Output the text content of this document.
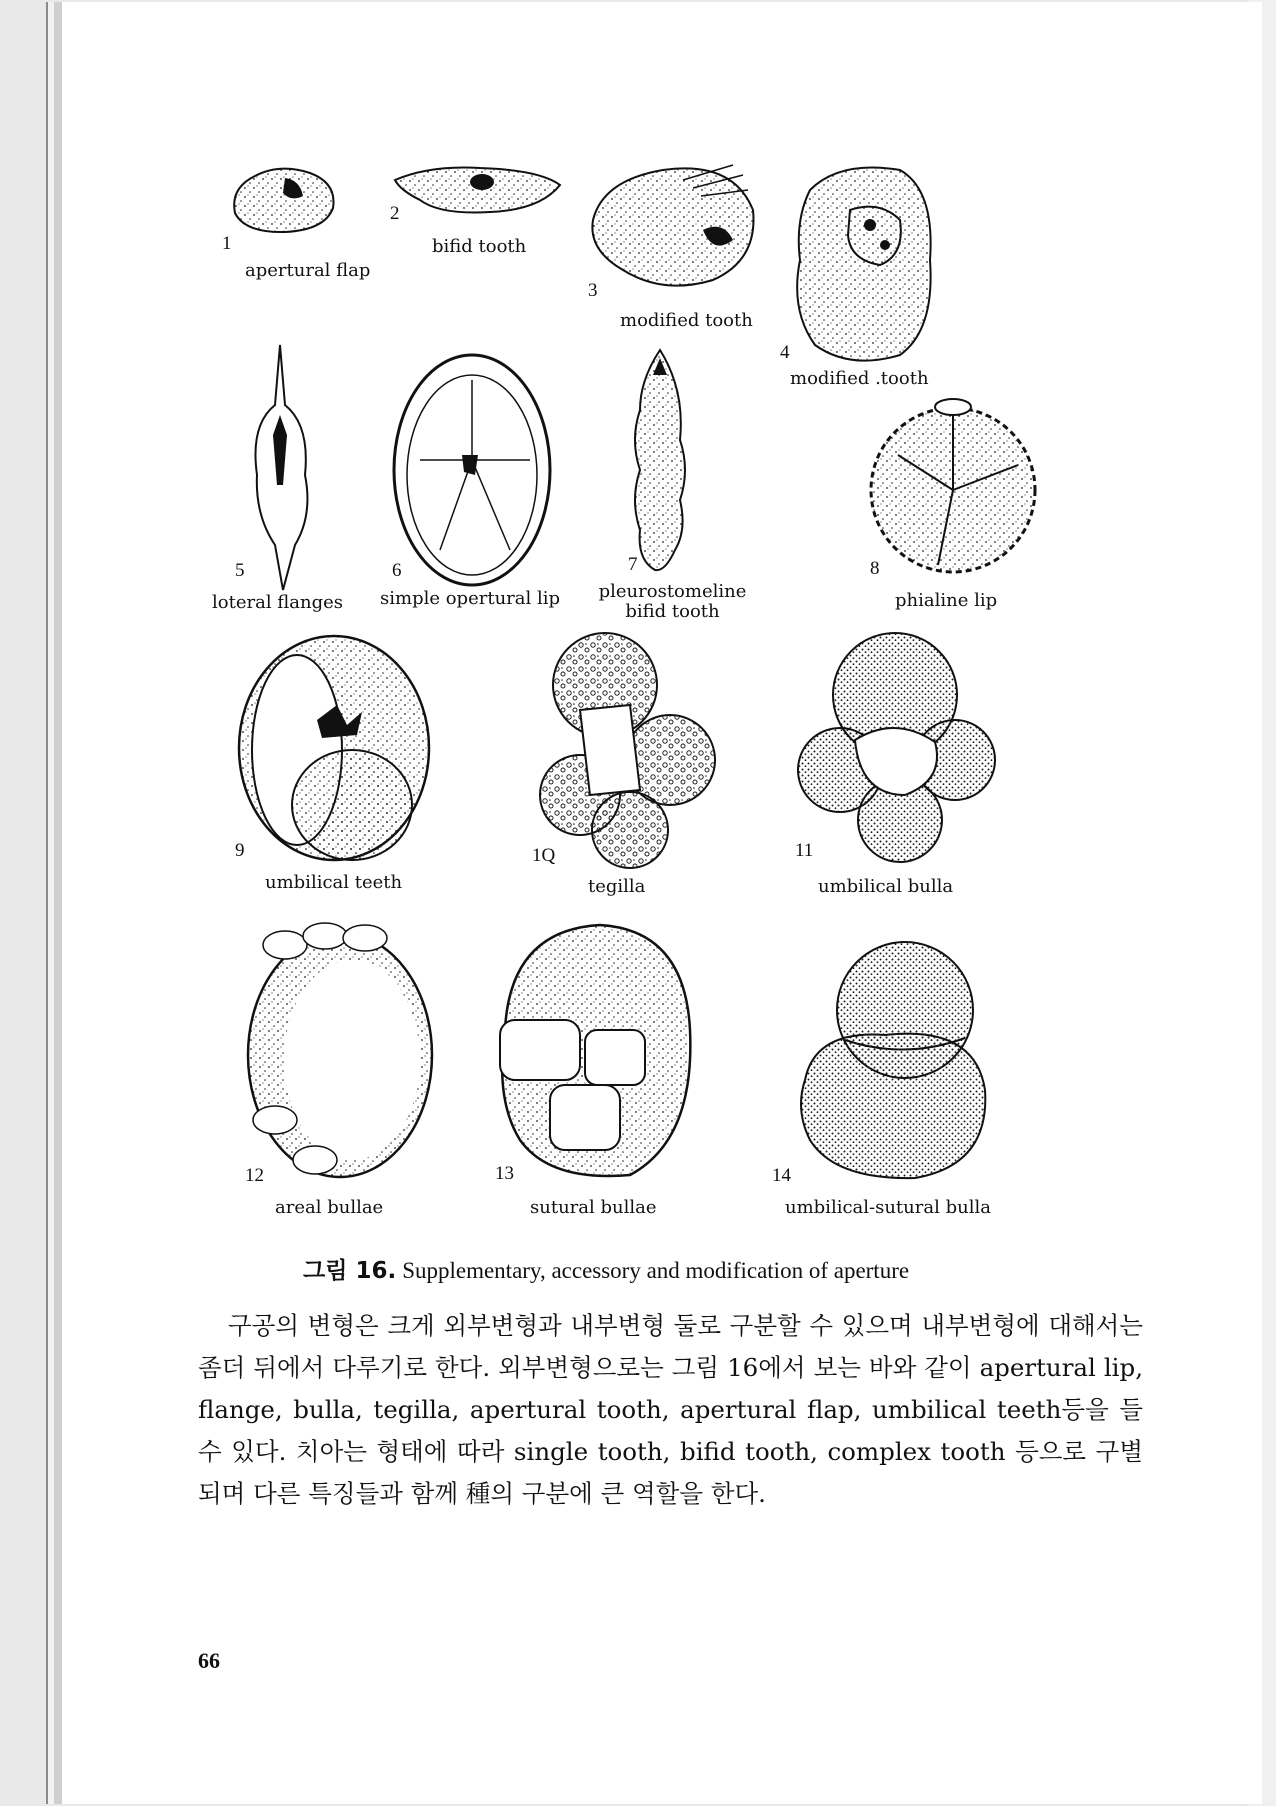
1
apertural flap
2
bifid tooth
3
modified tooth
4
modified .tooth
5
loteral flanges
6
simple opertural lip
7
pleurostomeline bifid tooth
8
phialine lip
9
umbilical teeth
1Q
tegilla
11
umbilical bulla
12
areal bullae
13
sutural bullae
14
umbilical-sutural bulla
그림 16. Supplementary, accessory and modification of aperture
구공의 변형은 크게 외부변형과 내부변형 둘로 구분할 수 있으며 내부변형에 대해서는 좀더 뒤에서 다루기로 한다. 외부변형으로는 그림 16에서 보는 바와 같이 apertural lip, flange, bulla, tegilla, apertural tooth, apertural flap, umbilical teeth등을 들 수 있다. 치아는 형태에 따라 single tooth, bifid tooth, complex tooth 등으로 구별되며 다른 특징들과 함께 種의 구분에 큰 역할을 한다.
66
